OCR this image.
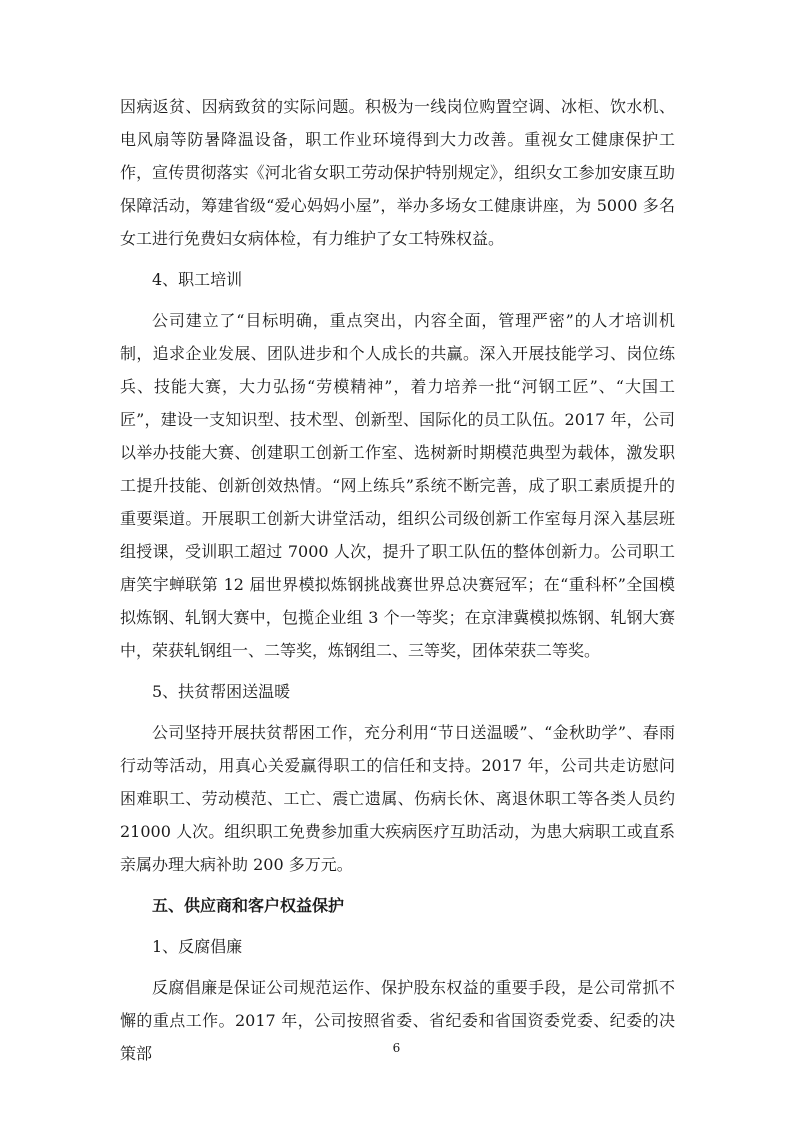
因病返贫、因病致贫的实际问题。积极为一线岗位购置空调、冰柜、饮水机、电风扇等防暑降温设备，职工作业环境得到大力改善。重视女工健康保护工作，宣传贯彻落实《河北省女职工劳动保护特别规定》，组织女工参加安康互助保障活动，筹建省级“爱心妈妈小屋”，举办多场女工健康讲座，为 5000 多名女工进行免费妇女病体检，有力维护了女工特殊权益。

4、职工培训

公司建立了“目标明确，重点突出，内容全面，管理严密”的人才培训机制，追求企业发展、团队进步和个人成长的共赢。深入开展技能学习、岗位练兵、技能大赛，大力弘扬“劳模精神”，着力培养一批“河钢工匠”、“大国工匠”，建设一支知识型、技术型、创新型、国际化的员工队伍。2017 年，公司以举办技能大赛、创建职工创新工作室、选树新时期模范典型为载体，激发职工提升技能、创新创效热情。“网上练兵”系统不断完善，成了职工素质提升的重要渠道。开展职工创新大讲堂活动，组织公司级创新工作室每月深入基层班组授课，受训职工超过 7000 人次，提升了职工队伍的整体创新力。公司职工唐笑宇蝉联第 12 届世界模拟炼钢挑战赛世界总决赛冠军；在“重科杯”全国模拟炼钢、轧钢大赛中，包揽企业组 3 个一等奖；在京津冀模拟炼钢、轧钢大赛中，荣获轧钢组一、二等奖，炼钢组二、三等奖，团体荣获二等奖。

5、扶贫帮困送温暖

公司坚持开展扶贫帮困工作，充分利用“节日送温暖”、“金秋助学”、春雨行动等活动，用真心关爱赢得职工的信任和支持。2017 年，公司共走访慰问困难职工、劳动模范、工亡、震亡遗属、伤病长休、离退休职工等各类人员约 21000 人次。组织职工免费参加重大疾病医疗互助活动，为患大病职工或直系亲属办理大病补助 200 多万元。

五、供应商和客户权益保护

1、反腐倡廉

反腐倡廉是保证公司规范运作、保护股东权益的重要手段，是公司常抓不懈的重点工作。2017 年，公司按照省委、省纪委和省国资委党委、纪委的决策部	6
